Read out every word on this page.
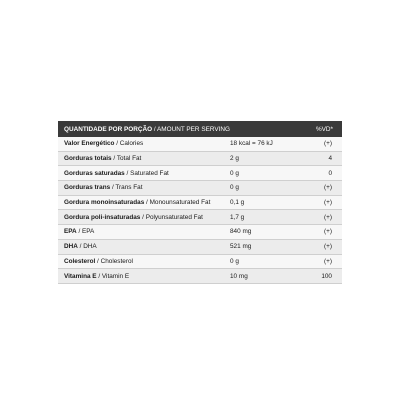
QUANTIDADE POR PORÇÃO / AMOUNT PER SERVING		%VD*
Valor Energético / Calories	18 kcal = 76 kJ	(+)
Gorduras totais / Total Fat	2 g	4
Gorduras saturadas / Saturated Fat	0 g	0
Gorduras trans / Trans Fat	0 g	(+)
Gordura monoinsaturadas / Monounsaturated Fat	0,1 g	(+)
Gordura poli-insaturadas / Polyunsaturated Fat	1,7 g	(+)
EPA / EPA	840 mg	(+)
DHA / DHA	521 mg	(+)
Colesterol / Cholesterol	0 g	(+)
Vitamina E / Vitamin E	10 mg	100
